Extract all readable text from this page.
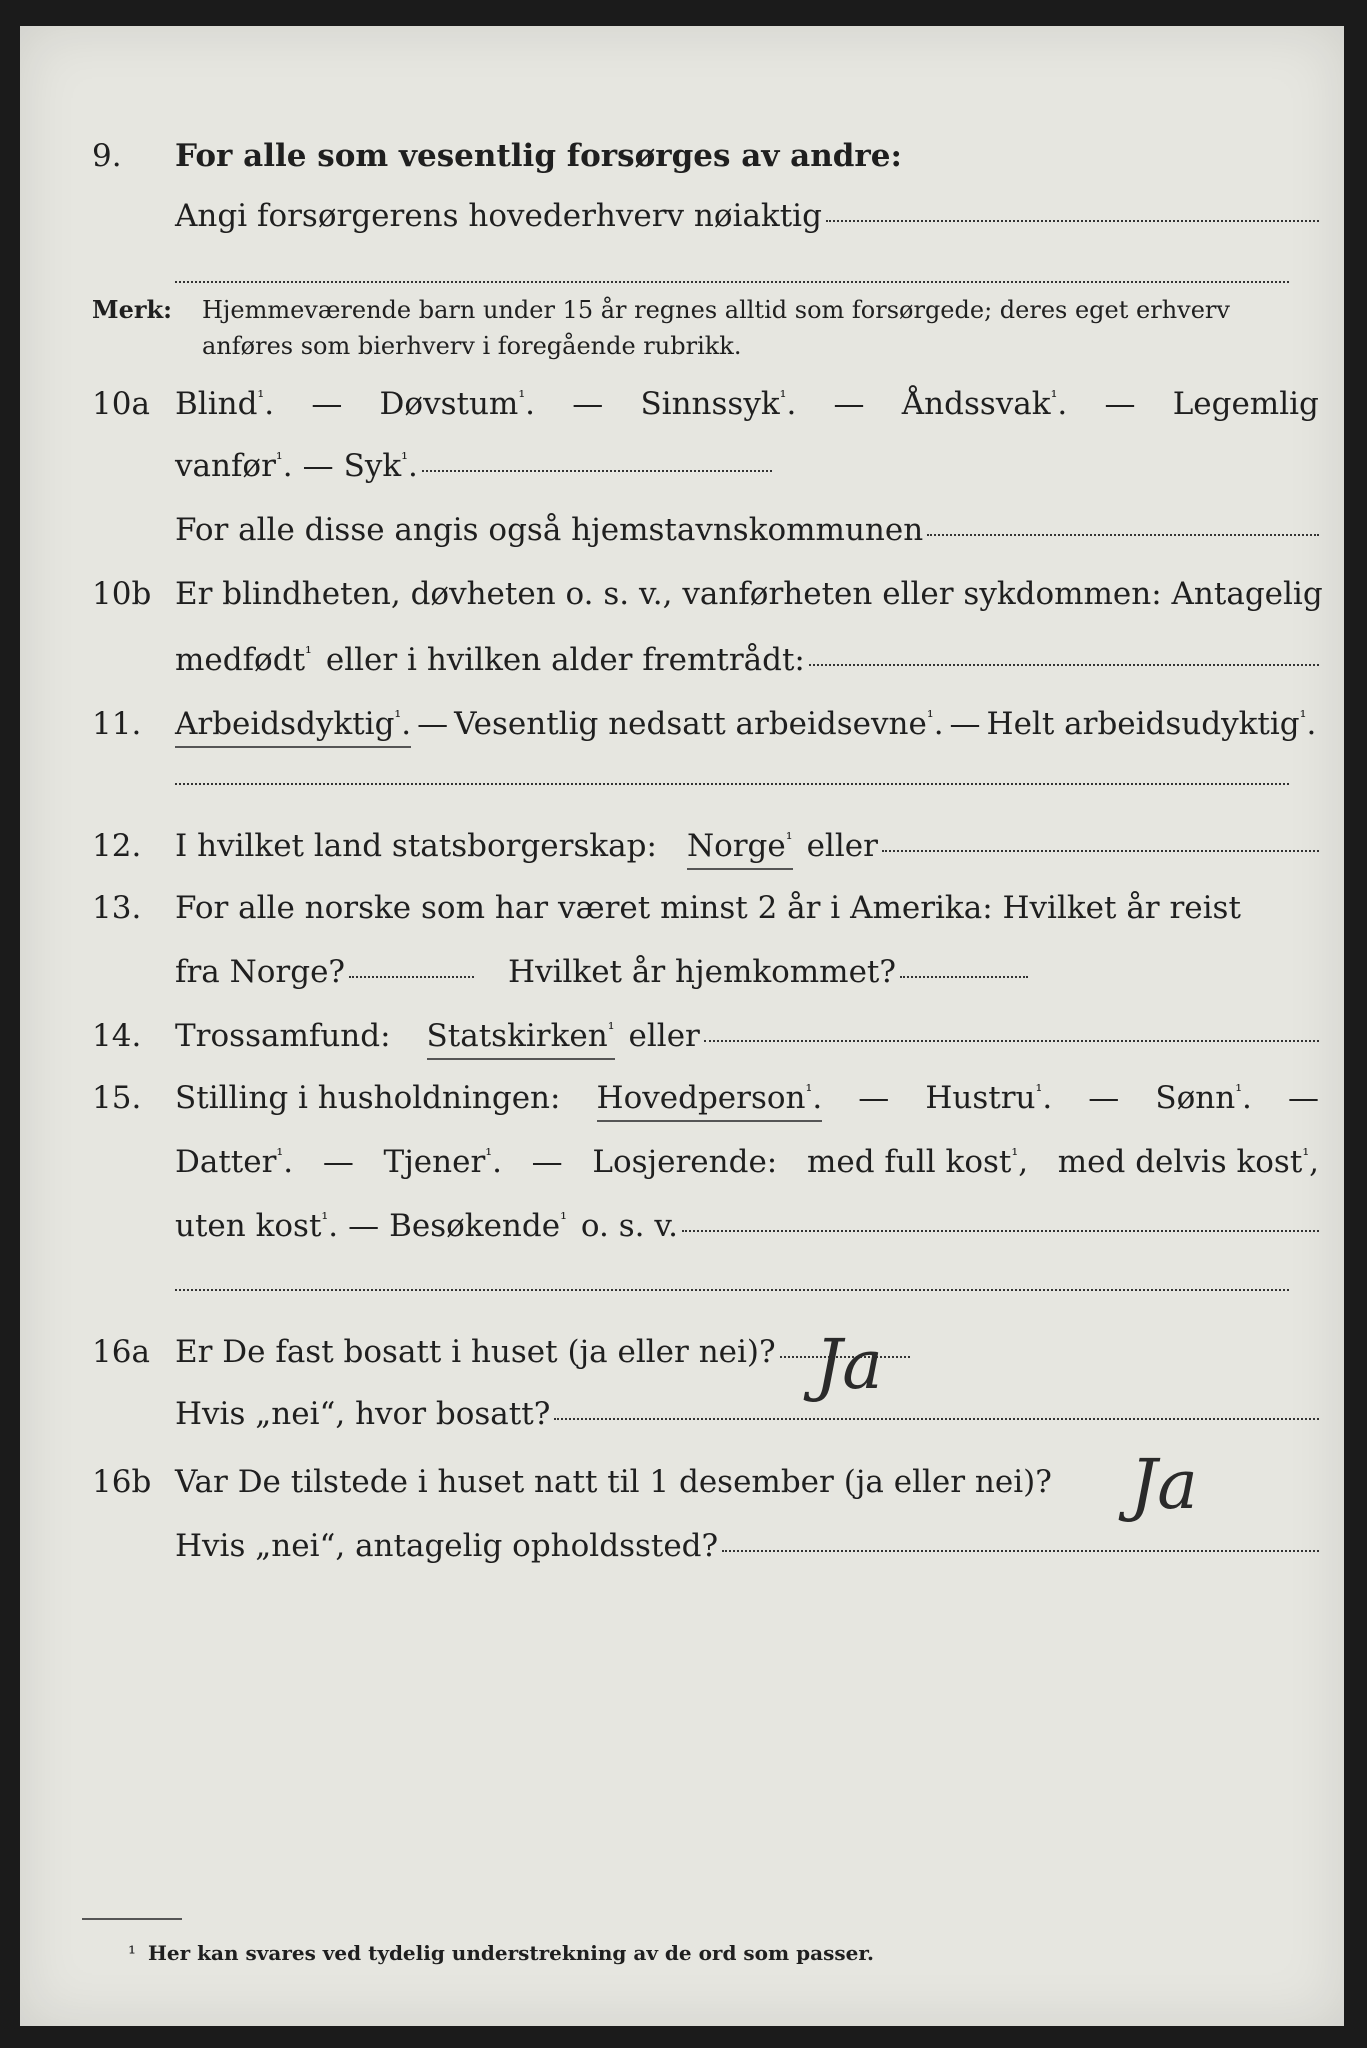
9.	For alle som vesentlig forsørges av andre:
Angi forsørgerens hovederhverv nøiaktig
Merk: Hjemmeværende barn under 15 år regnes alltid som forsørgede; deres eget erhverv anføres som bierhverv i foregående rubrikk.
10a Blind$^{^1}$. — Døvstum$^{^1}$. — Sinnssyk$^{^1}$. — Åndssvak$^{^1}$. — Legemlig
vanfør$^{^1}$. — Syk$^{^1}$.
For alle disse angis også hjemstavnskommunen
10b Er blindheten, døvheten o. s. v., vanførheten eller sykdommen: Antagelig
medfødt$^{^1}$ eller i hvilken alder fremtrådt:
11.	Arbeidsdyktig$^{^1}$. — Vesentlig nedsatt arbeidsevne$^{^1}$. — Helt arbeidsudyktig$^{^1}$.
12.	I hvilket land statsborgerskap: Norge$^{^1}$ eller
13.	For alle norske som har været minst 2 år i Amerika: Hvilket år reist
fra Norge?	Hvilket år hjemkommet?
14.	Trossamfund: Statskirken$^{^1}$ eller
15.	Stilling i husholdningen: Hovedperson$^{^1}$. — Hustru$^{^1}$. — Sønn$^{^1}$. —
Datter$^{^1}$. — Tjener$^{^1}$. — Losjerende: med full kost$^{^1}$, med delvis kost$^{^1}$,
uten kost$^{^1}$. — Besøkende$^{^1}$ o. s. v.
16a Er De fast bosatt i huset (ja eller nei)? Ja
Hvis „nei“, hvor bosatt?
16b Var De tilstede i huset natt til 1 desember (ja eller nei)? Ja
Hvis „nei“, antagelig opholdssted?
¹ Her kan svares ved tydelig understrekning av de ord som passer.
